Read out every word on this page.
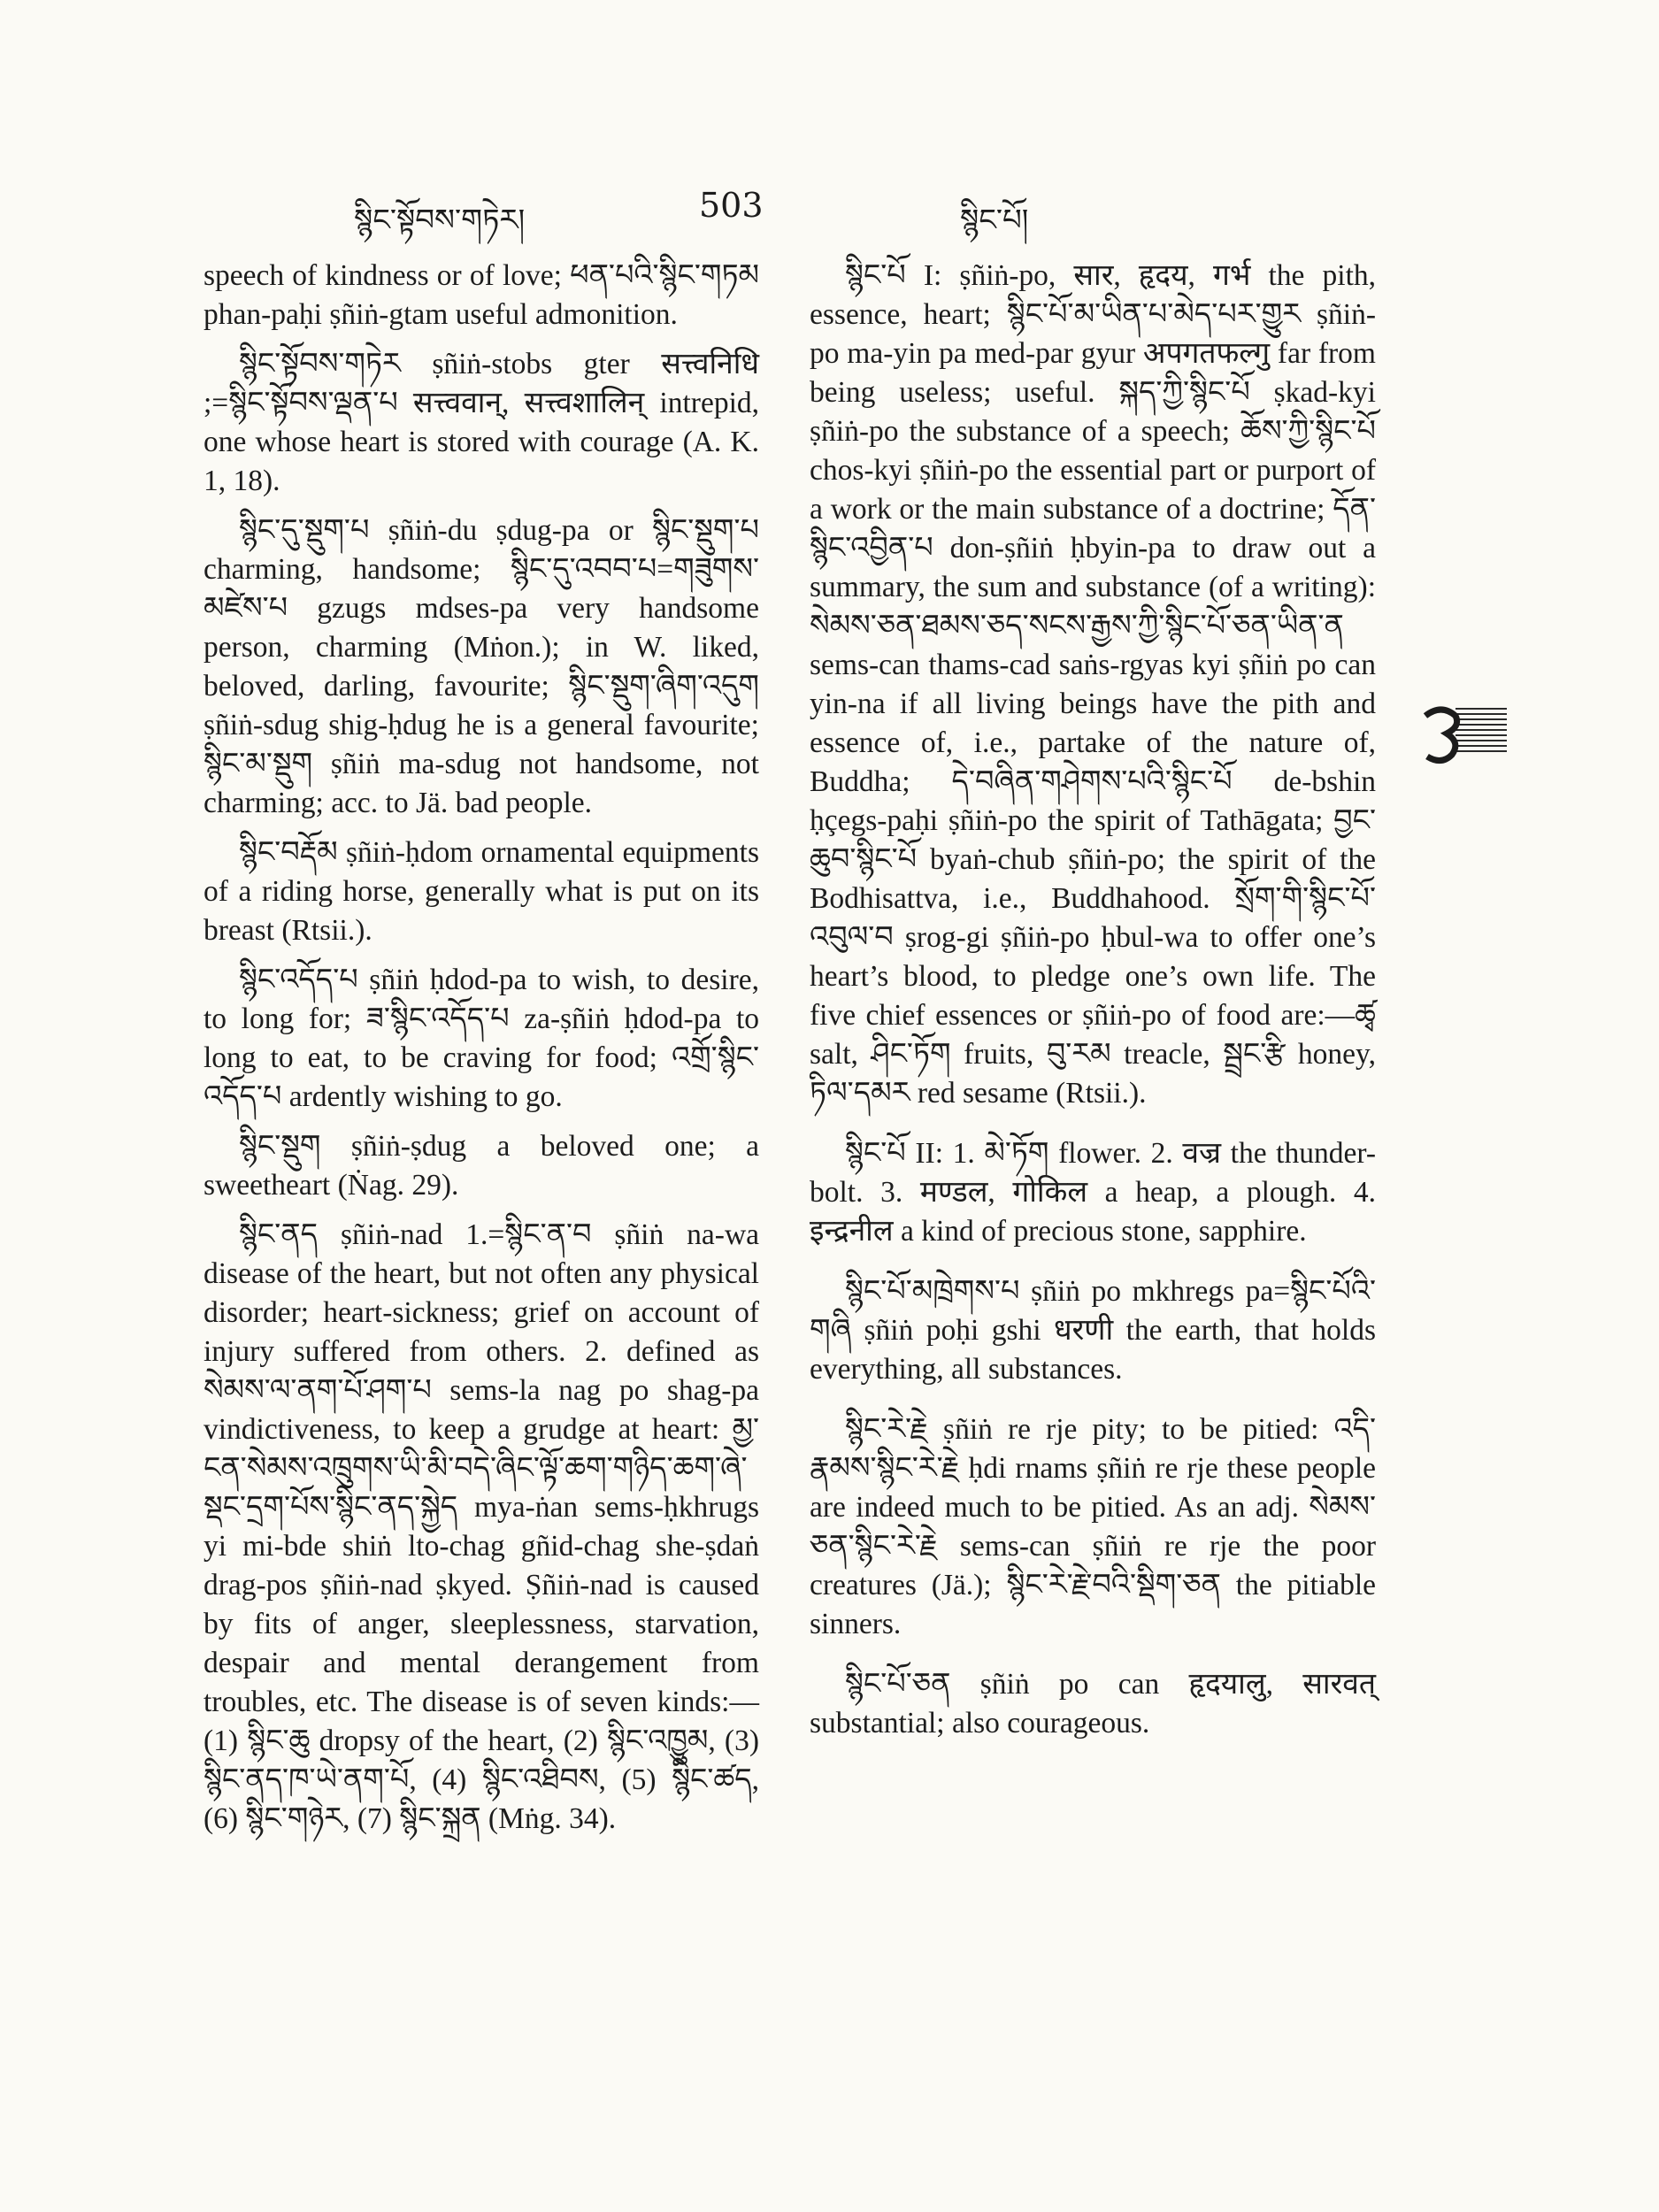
སྙིང་སྟོབས་གཏེར།	503	སྙིང་པོ།

speech of kindness or of love; ཕན་པའི་སྙིང་གཏམ phan-paḥi ṣñiṅ-gtam useful admonition.

སྙིང་སྟོབས་གཏེར ṣñiṅ-stobs gter सत्त्वनिधि ;=སྙིང་སྟོབས་ལྡན་པ सत्त्ववान्, सत्त्वशालिन् intrepid, one whose heart is stored with courage (A. K. 1, 18).

སྙིང་དུ་སྡུག་པ ṣñiṅ-du ṣdug-pa or སྙིང་སྡུག་པ charming, handsome; སྙིང་དུ་འབབ་པ=གཟུགས་མཛེས་པ gzugs mdses-pa very handsome person, charming (Mṅon.); in W. liked, beloved, darling, favourite; སྙིང་སྡུག་ཞིག་འདུག ṣñiṅ-sdug shig-ḥdug he is a general favourite; སྙིང་མ་སྡུག ṣñiṅ ma-sdug not handsome, not charming; acc. to Jä. bad people.

སྙིང་བརྡོམ ṣñiṅ-ḥdom ornamental equipments of a riding horse, generally what is put on its breast (Rtsii.).

སྙིང་འདོད་པ ṣñiṅ ḥdod-pa to wish, to desire, to long for; ཟ་སྙིང་འདོད་པ za-ṣñiṅ ḥdod-pa to long to eat, to be craving for food; འགྲོ་སྙིང་འདོད་པ ardently wishing to go.

སྙིང་སྡུག ṣñiṅ-ṣdug a beloved one; a sweetheart (Ṅag. 29).

སྙིང་ནད ṣñiṅ-nad 1.=སྙིང་ན་བ ṣñiṅ na-wa disease of the heart, but not often any physical disorder; heart-sickness; grief on account of injury suffered from others. 2. defined as སེམས་ལ་ནག་པོ་ཤག་པ sems-la nag po shag-pa vindictiveness, to keep a grudge at heart: མྱ་ངན་སེམས་འཁྲུགས་ཡི་མི་བདེ་ཞིང་ལྟོ་ཆག་གཉིད་ཆག་ཞེ་སྡང་དྲག་པོས་སྙིང་ནད་སྐྱེད mya-ṅan sems-ḥkhrugs yi mi-bde shiṅ lto-chag gñid-chag she-ṣdaṅ drag-pos ṣñiṅ-nad ṣkyed. Ṣñiṅ-nad is caused by fits of anger, sleeplessness, starvation, despair and mental derangement from troubles, etc. The disease is of seven kinds:—(1) སྙིང་ཆུ dropsy of the heart, (2) སྙིང་འཁྱུམ, (3) སྙིང་ནད་ཁ་ཡེ་ནག་པོ, (4) སྙིང་འཐིབས, (5) སྙིང་ཚད, (6) སྙིང་གཉེར, (7) སྙིང་སྐྲན (Mṅg. 34).

སྙིང་པོ I: ṣñiṅ-po, सार, हृदय, गर्भ the pith, essence, heart; སྙིང་པོ་མ་ཡིན་པ་མེད་པར་གྱུར ṣñiṅ-po ma-yin pa med-par gyur अपगतफल्गु far from being useless; useful. སྐད་ཀྱི་སྙིང་པོ ṣkad-kyi ṣñiṅ-po the substance of a speech; ཆོས་ཀྱི་སྙིང་པོ chos-kyi ṣñiṅ-po the essential part or purport of a work or the main substance of a doctrine; དོན་སྙིང་འབྱིན་པ don-ṣñiṅ ḥbyin-pa to draw out a summary, the sum and substance (of a writing): སེམས་ཅན་ཐམས་ཅད་སངས་རྒྱས་ཀྱི་སྙིང་པོ་ཅན་ཡིན་ན sems-can thams-cad saṅs-rgyas kyi ṣñiṅ po can yin-na if all living beings have the pith and essence of, i.e., partake of the nature of, Buddha; དེ་བཞིན་གཤེགས་པའི་སྙིང་པོ de-bshin ḥçegs-paḥi ṣñiṅ-po the spirit of Tathāgata; བྱང་ཆུབ་སྙིང་པོ byaṅ-chub ṣñiṅ-po; the spirit of the Bodhisattva, i.e., Buddhahood. སྲོག་གི་སྙིང་པོ་འབུལ་བ ṣrog-gi ṣñiṅ-po ḥbul-wa to offer one’s heart’s blood, to pledge one’s own life. The five chief essences or ṣñiṅ-po of food are:—ཚྭ salt, ཤིང་ཏོག fruits, བུ་རམ treacle, སྦྲང་རྩི honey, ཏིལ་དམར red sesame (Rtsii.).

སྙིང་པོ II: 1. མེ་ཏོག flower. 2. वज्र the thunder-bolt. 3. मण्डल, गोकिल a heap, a plough. 4. इन्द्रनील a kind of precious stone, sapphire.

སྙིང་པོ་མཁྲེགས་པ ṣñiṅ po mkhregs pa=སྙིང་པོའི་གཞི ṣñiṅ poḥi gshi धरणी the earth, that holds everything, all substances.

སྙིང་རེ་རྗེ ṣñiṅ re rje pity; to be pitied: འདི་རྣམས་སྙིང་རེ་རྗེ ḥdi rnams ṣñiṅ re rje these people are indeed much to be pitied. As an adj. སེམས་ཅན་སྙིང་རེ་རྗེ sems-can ṣñiṅ re rje the poor creatures (Jä.); སྙིང་རེ་རྗེ་བའི་སྡིག་ཅན the pitiable sinners.

སྙིང་པོ་ཅན ṣñiṅ po can हृदयालु, सारवत् substantial; also courageous.
